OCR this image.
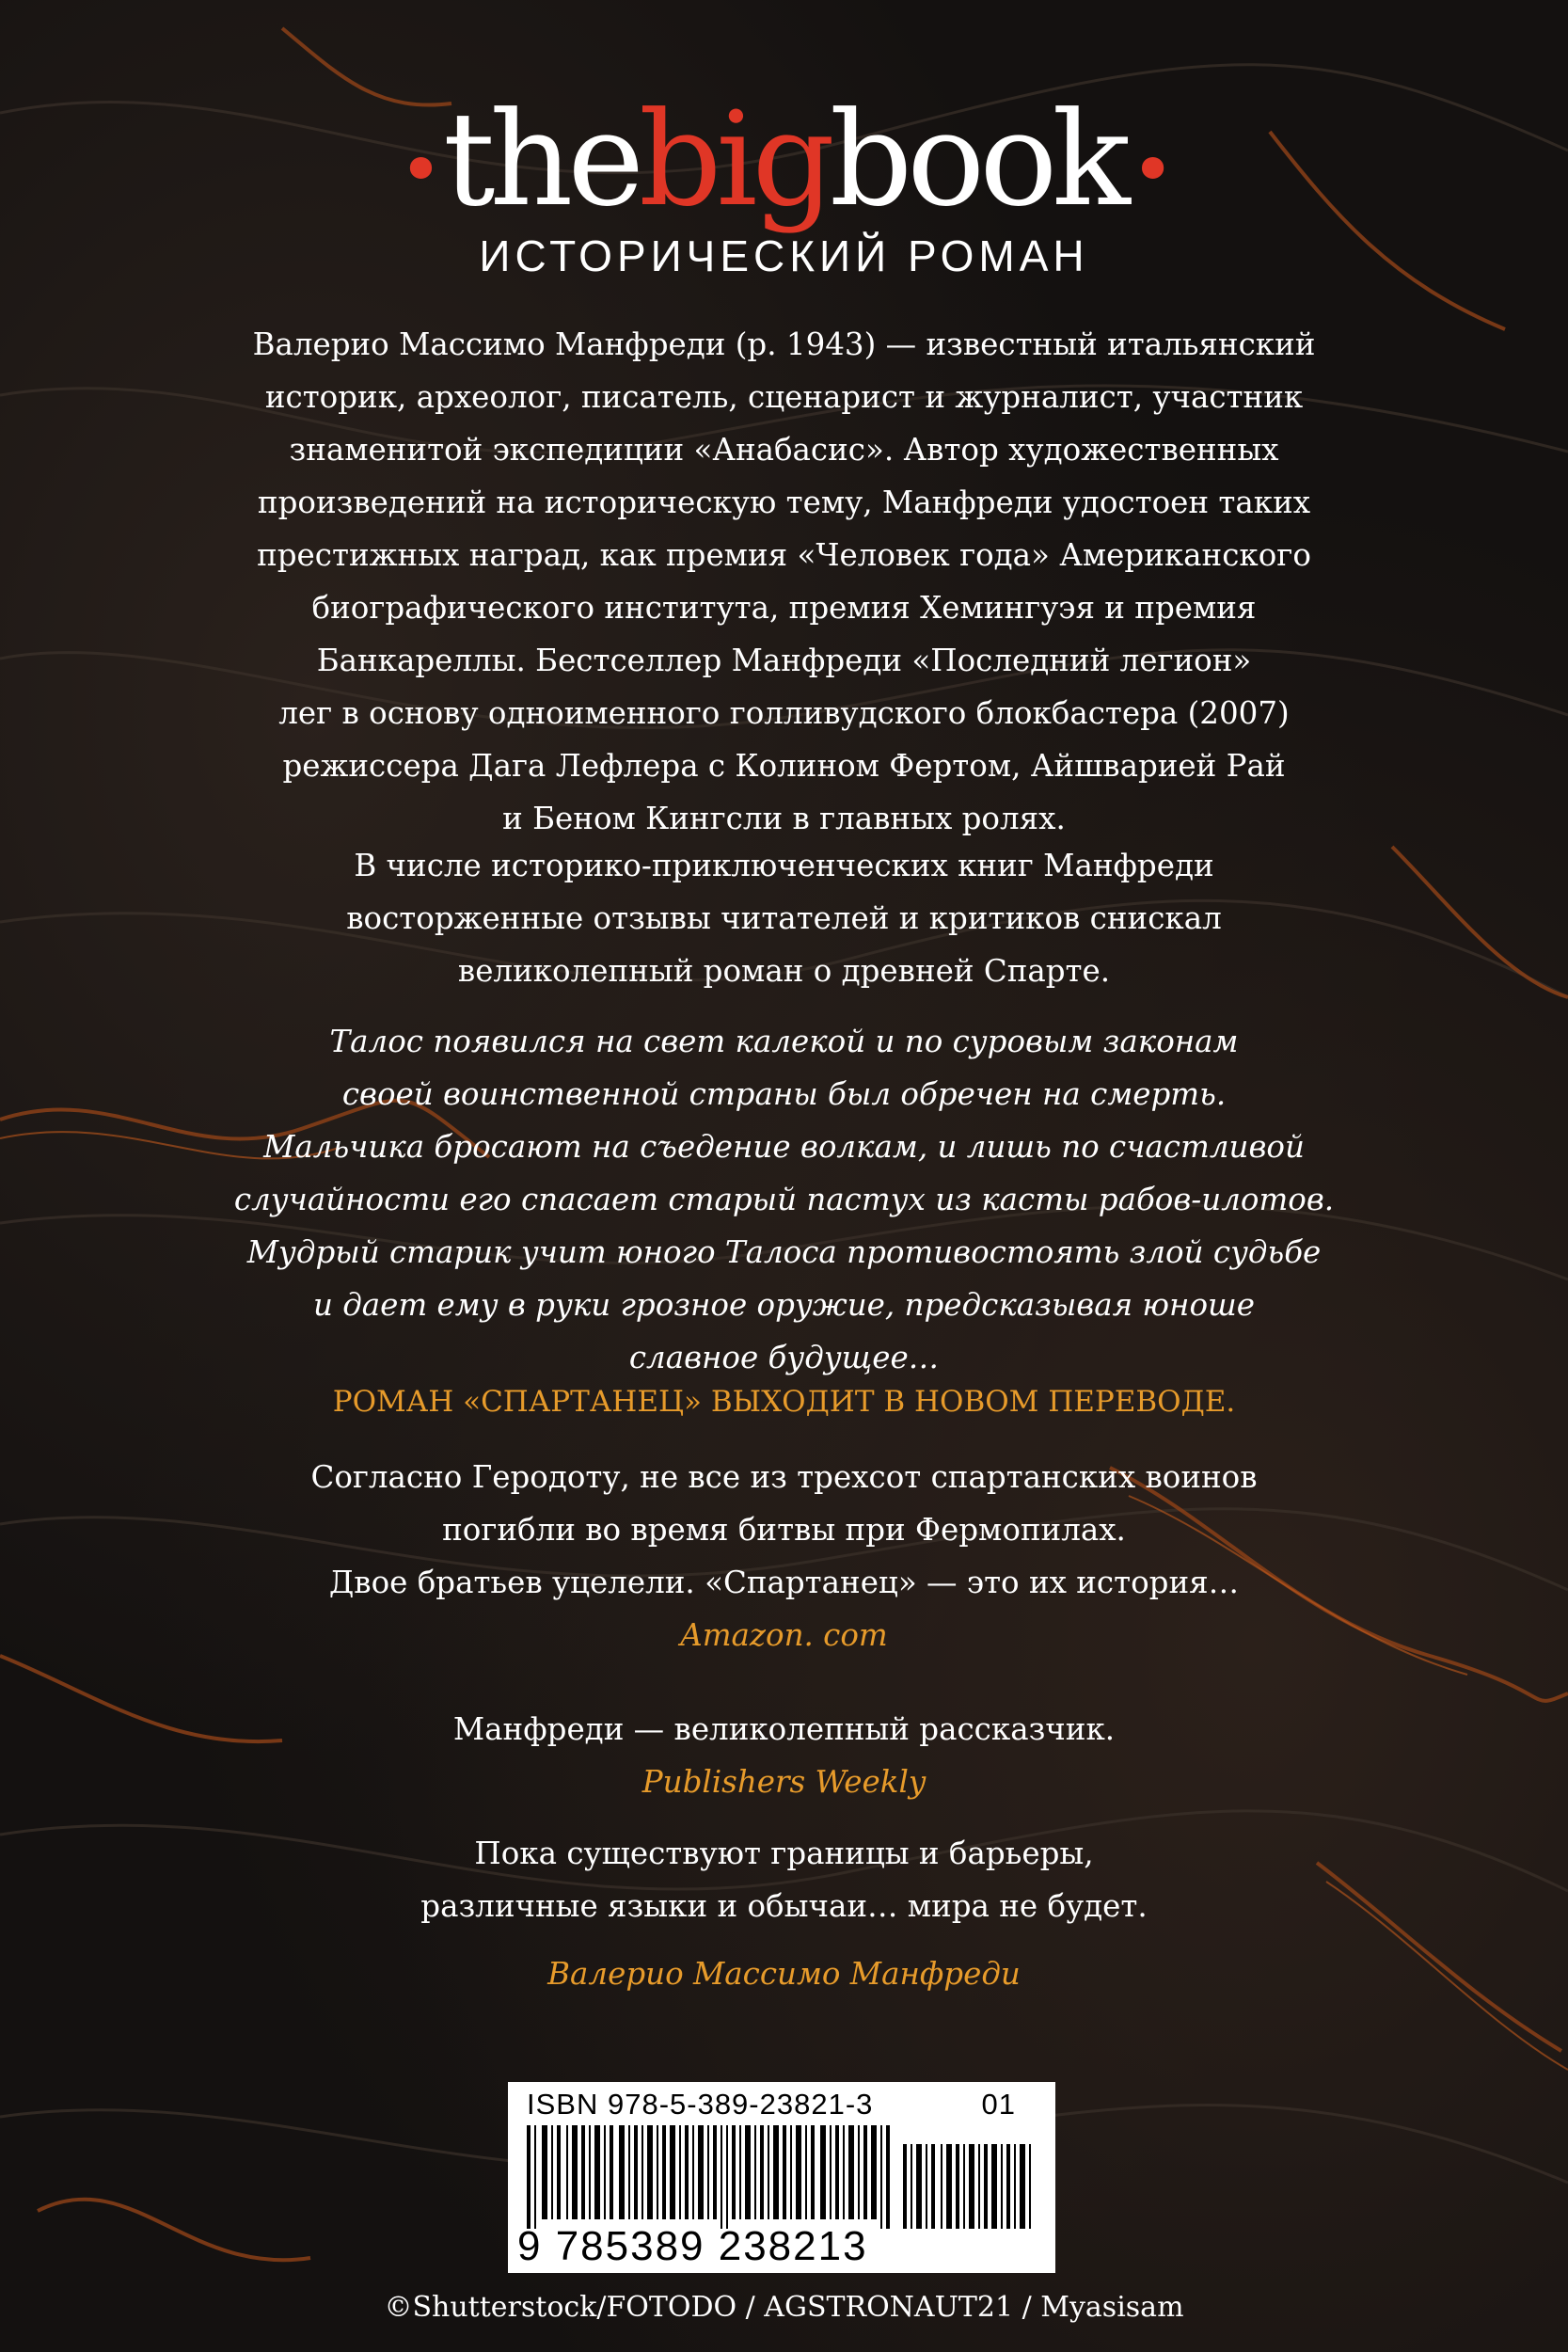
•thebigbook•
ИСТОРИЧЕСКИЙ РОМАН
Валерио Массимо Манфреди (р. 1943) — известный итальянский
историк, археолог, писатель, сценарист и журналист, участник
знаменитой экспедиции «Анабасис». Автор художественных
произведений на историческую тему, Манфреди удостоен таких
престижных наград, как премия «Человек года» Американского
биографического института, премия Хемингуэя и премия
Банкареллы. Бестселлер Манфреди «Последний легион»
лег в основу одноименного голливудского блокбастера (2007)
режиссера Дага Лефлера с Колином Фертом, Айшварией Рай
и Беном Кингсли в главных ролях.
В числе историко-приключенческих книг Манфреди
восторженные отзывы читателей и критиков снискал
великолепный роман о древней Спарте.
Талос появился на свет калекой и по суровым законам
своей воинственной страны был обречен на смерть.
Мальчика бросают на съедение волкам, и лишь по счастливой
случайности его спасает старый пастух из касты рабов-илотов.
Мудрый старик учит юного Талоса противостоять злой судьбе
и дает ему в руки грозное оружие, предсказывая юноше
славное будущее…
РОМАН «СПАРТАНЕЦ» ВЫХОДИТ В НОВОМ ПЕРЕВОДЕ.
Согласно Геродоту, не все из трехсот спартанских воинов
погибли во время битвы при Фермопилах.
Двое братьев уцелели. «Спартанец» — это их история…
Amazon. com
Манфреди — великолепный рассказчик.
Publishers Weekly
Пока существуют границы и барьеры,
различные языки и обычаи… мира не будет.
Валерио Массимо Манфреди
ISBN 978-5-389-23821-3	01
9 785389 238213
©Shutterstock/FOTODO / AGSTRONAUT21 / Myasisam
